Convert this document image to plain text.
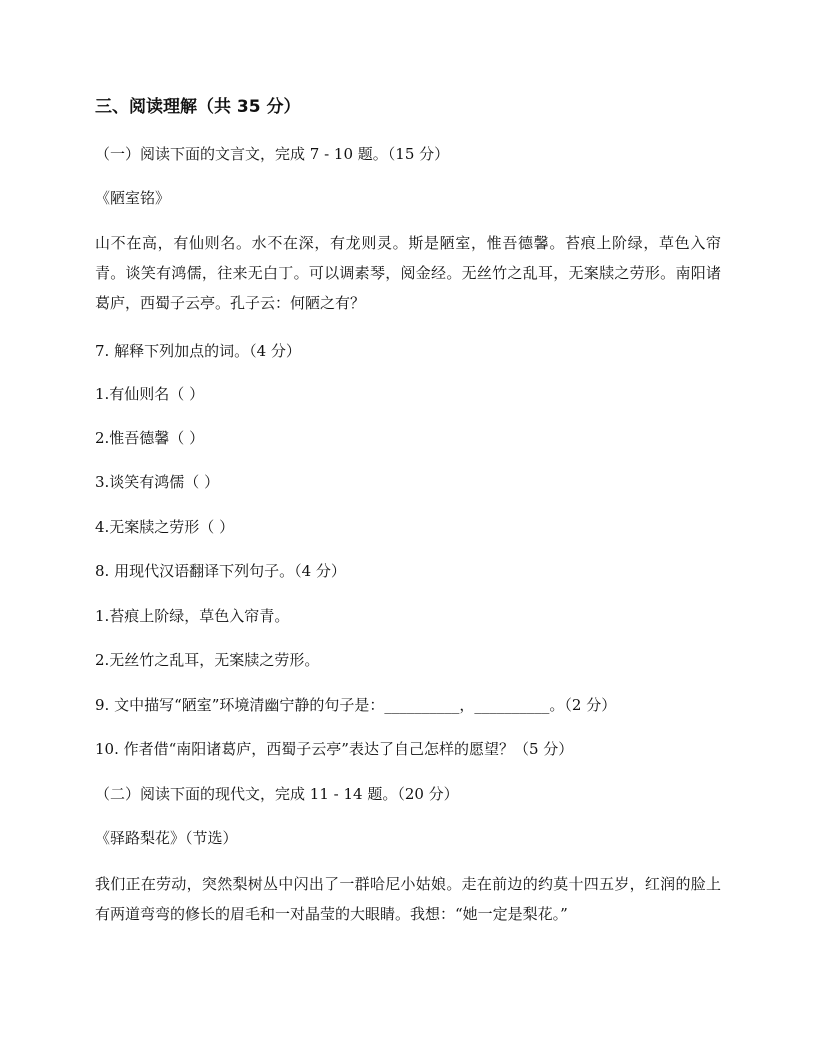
三、阅读理解（共 35 分）
（一）阅读下面的文言文，完成 7 - 10 题。（15 分）
《陋室铭》
山不在高，有仙则名。水不在深，有龙则灵。斯是陋室，惟吾德馨。苔痕上阶绿，草色入帘青。谈笑有鸿儒，往来无白丁。可以调素琴，阅金经。无丝竹之乱耳，无案牍之劳形。南阳诸葛庐，西蜀子云亭。孔子云：何陋之有？
7. 解释下列加点的词。（4 分）
1.有仙则名（ ）
2.惟吾德馨（ ）
3.谈笑有鸿儒（ ）
4.无案牍之劳形（ ）
8. 用现代汉语翻译下列句子。（4 分）
1.苔痕上阶绿，草色入帘青。
2.无丝竹之乱耳，无案牍之劳形。
9. 文中描写“陋室”环境清幽宁静的句子是：__________，__________。（2 分）
10. 作者借“南阳诸葛庐，西蜀子云亭”表达了自己怎样的愿望？（5 分）
（二）阅读下面的现代文，完成 11 - 14 题。（20 分）
《驿路梨花》（节选）
我们正在劳动，突然梨树丛中闪出了一群哈尼小姑娘。走在前边的约莫十四五岁，红润的脸上有两道弯弯的修长的眉毛和一对晶莹的大眼睛。我想：“她一定是梨花。”
